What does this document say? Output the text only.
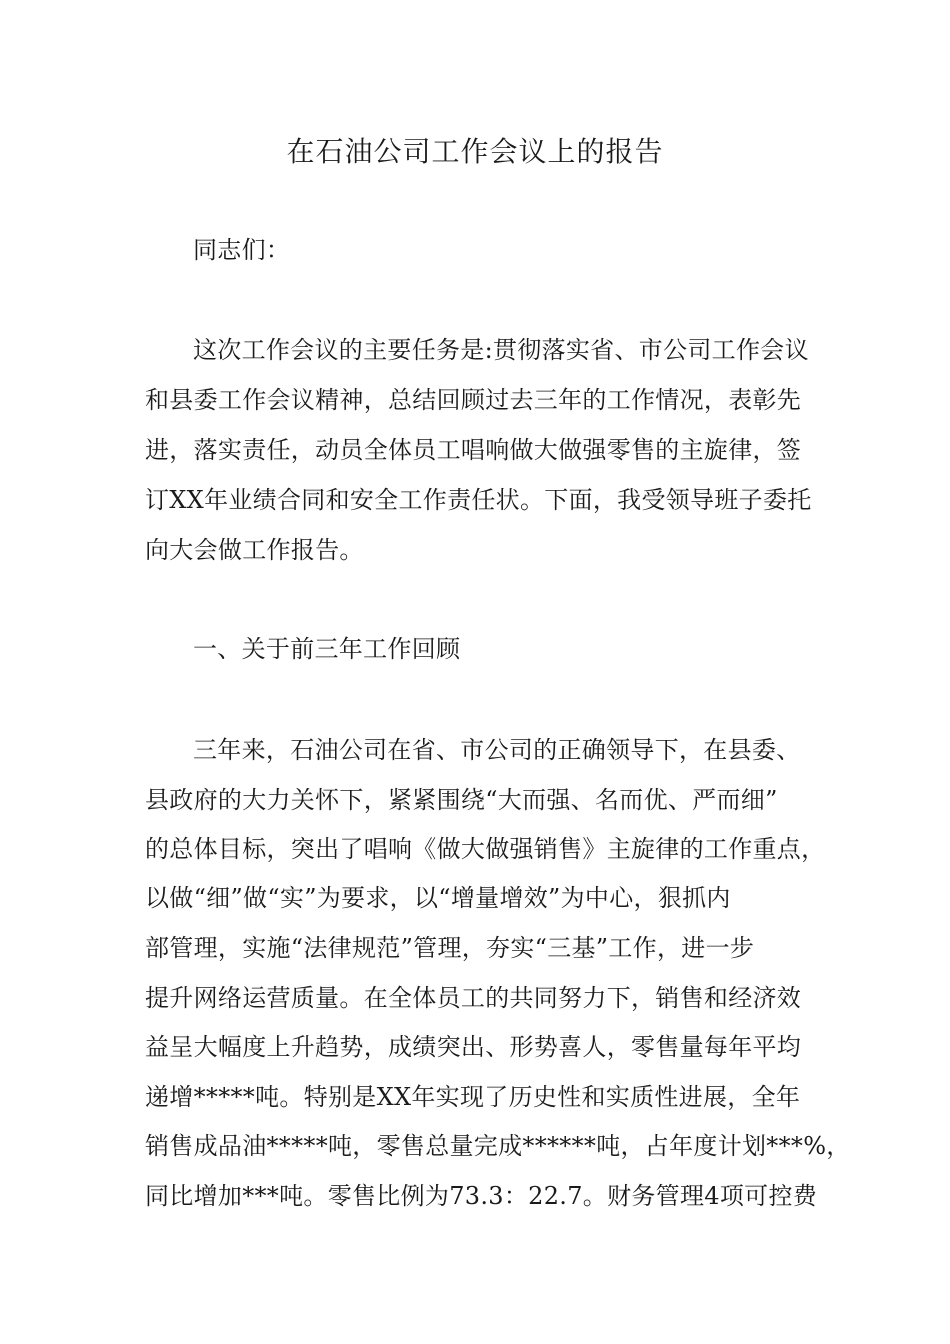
在石油公司工作会议上的报告
同志们：
这次工作会议的主要任务是:贯彻落实省、市公司工作会议
和县委工作会议精神，总结回顾过去三年的工作情况，表彰先
进，落实责任，动员全体员工唱响做大做强零售的主旋律，签
订XX年业绩合同和安全工作责任状。下面，我受领导班子委托
向大会做工作报告。
一、关于前三年工作回顾
三年来，石油公司在省、市公司的正确领导下，在县委、
县政府的大力关怀下，紧紧围绕“大而强、名而优、严而细”
的总体目标，突出了唱响《做大做强销售》主旋律的工作重点，
以做“细”做“实”为要求，以“增量增效”为中心，狠抓内
部管理，实施“法律规范”管理，夯实“三基”工作，进一步
提升网络运营质量。在全体员工的共同努力下，销售和经济效
益呈大幅度上升趋势，成绩突出、形势喜人，零售量每年平均
递增*****吨。特别是XX年实现了历史性和实质性进展，全年
销售成品油*****吨，零售总量完成******吨，占年度计划***%，
同比增加***吨。零售比例为73.3：22.7。财务管理4项可控费
